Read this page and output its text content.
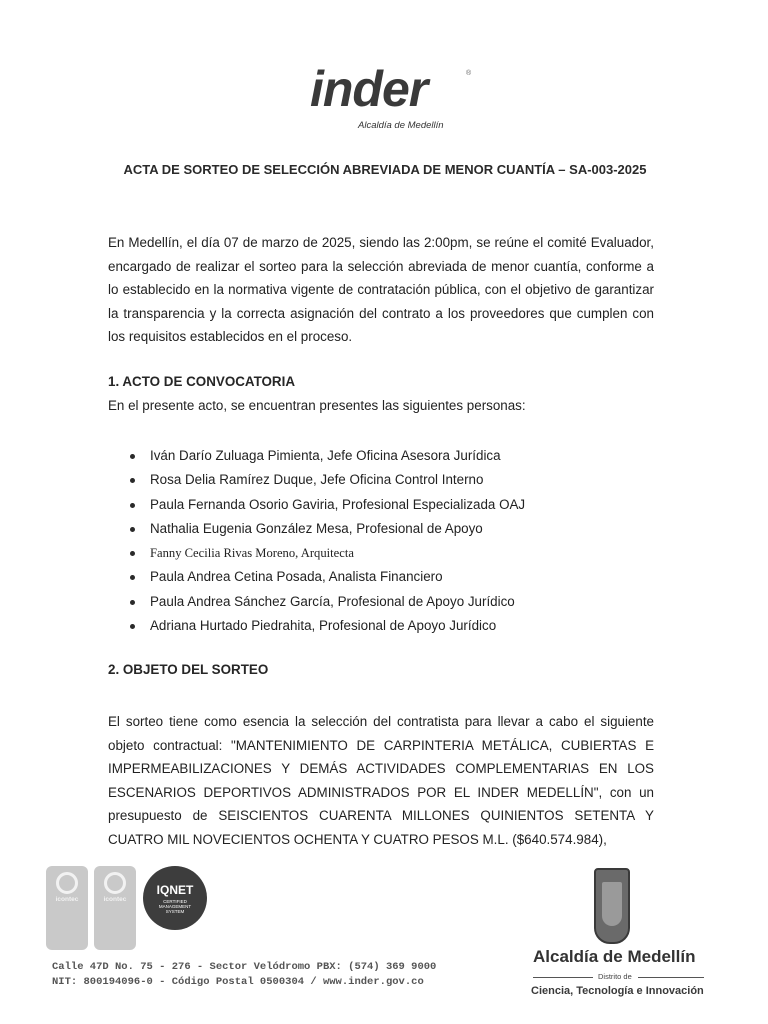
inder	®
Alcaldía de Medellín
ACTA DE SORTEO DE SELECCIÓN ABREVIADA DE MENOR CUANTÍA – SA-003-2025

En Medellín, el día 07 de marzo de 2025, siendo las 2:00pm, se reúne el comité Evaluador, encargado de realizar el sorteo para la selección abreviada de menor cuantía, conforme a lo establecido en la normativa vigente de contratación pública, con el objetivo de garantizar la transparencia y la correcta asignación del contrato a los proveedores que cumplen con los requisitos establecidos en el proceso.

1. ACTO DE CONVOCATORIA
En el presente acto, se encuentran presentes las siguientes personas:
Iván Darío Zuluaga Pimienta, Jefe Oficina Asesora Jurídica
Rosa Delia Ramírez Duque, Jefe Oficina Control Interno
Paula Fernanda Osorio Gaviria, Profesional Especializada OAJ
Nathalia Eugenia González Mesa, Profesional de Apoyo
Fanny Cecilia Rivas Moreno, Arquitecta
Paula Andrea Cetina Posada, Analista Financiero
Paula Andrea Sánchez García, Profesional de Apoyo Jurídico
Adriana Hurtado Piedrahita, Profesional de Apoyo Jurídico
2. OBJETO DEL SORTEO

El sorteo tiene como esencia la selección del contratista para llevar a cabo el siguiente objeto contractual: "MANTENIMIENTO DE CARPINTERIA METÁLICA, CUBIERTAS E IMPERMEABILIZACIONES Y DEMÁS ACTIVIDADES COMPLEMENTARIAS EN LOS ESCENARIOS DEPORTIVOS ADMINISTRADOS POR EL INDER MEDELLÍN", con un presupuesto de SEISCIENTOS CUARENTA MILLONES QUINIENTOS SETENTA Y CUATRO MIL NOVECIENTOS OCHENTA Y CUATRO PESOS M.L. ($640.574.984),

icontec	icontec
IQNET
CERTIFIED MANAGEMENT SYSTEM
Calle 47D No. 75 - 276 - Sector Velódromo PBX: (574) 369 9000
NIT: 800194096-0 - Código Postal 0500304 / www.inder.gov.co
Alcaldía de Medellín
Distrito de
Ciencia, Tecnología e Innovación
